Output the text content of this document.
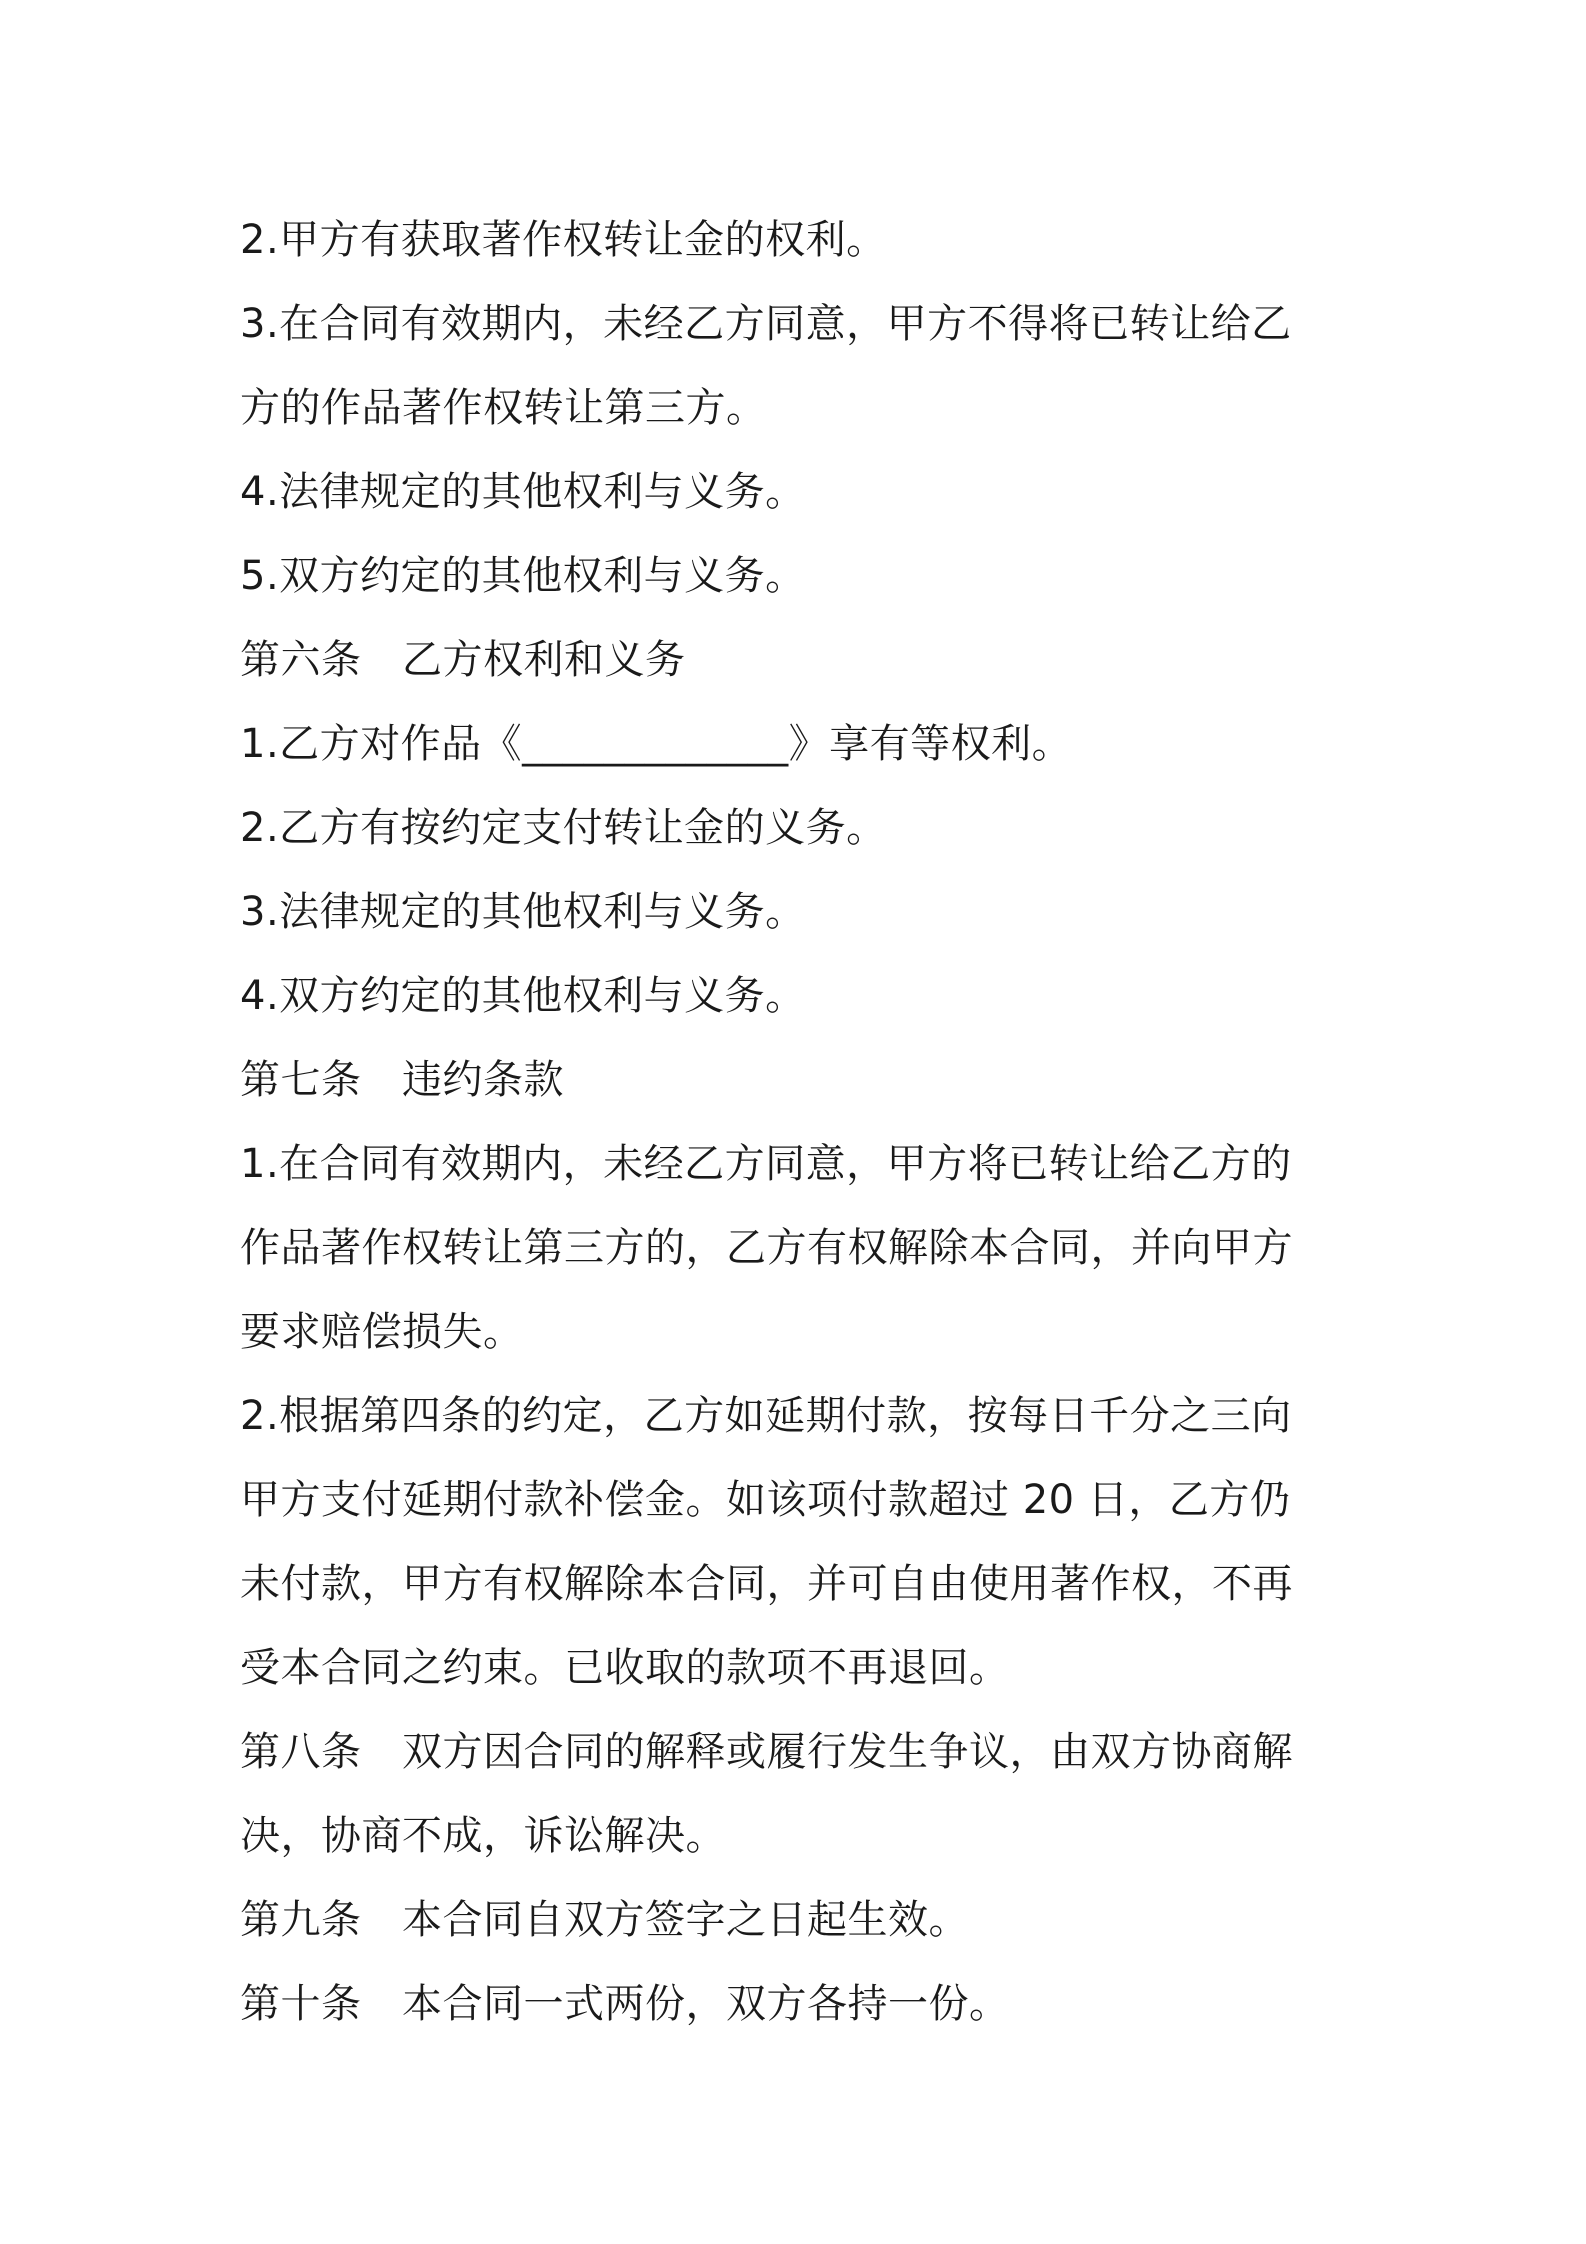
2.甲方有获取著作权转让金的权利。
3.在合同有效期内，未经乙方同意，甲方不得将已转让给乙
方的作品著作权转让第三方。
4.法律规定的其他权利与义务。
5.双方约定的其他权利与义务。
第六条　乙方权利和义务
1.乙方对作品《_____________》享有等权利。
2.乙方有按约定支付转让金的义务。
3.法律规定的其他权利与义务。
4.双方约定的其他权利与义务。
第七条　违约条款
1.在合同有效期内，未经乙方同意，甲方将已转让给乙方的
作品著作权转让第三方的，乙方有权解除本合同，并向甲方
要求赔偿损失。
2.根据第四条的约定，乙方如延期付款，按每日千分之三向
甲方支付延期付款补偿金。如该项付款超过 20 日，乙方仍
未付款，甲方有权解除本合同，并可自由使用著作权，不再
受本合同之约束。已收取的款项不再退回。
第八条　双方因合同的解释或履行发生争议，由双方协商解
决，协商不成，诉讼解决。
第九条　本合同自双方签字之日起生效。
第十条　本合同一式两份，双方各持一份。
